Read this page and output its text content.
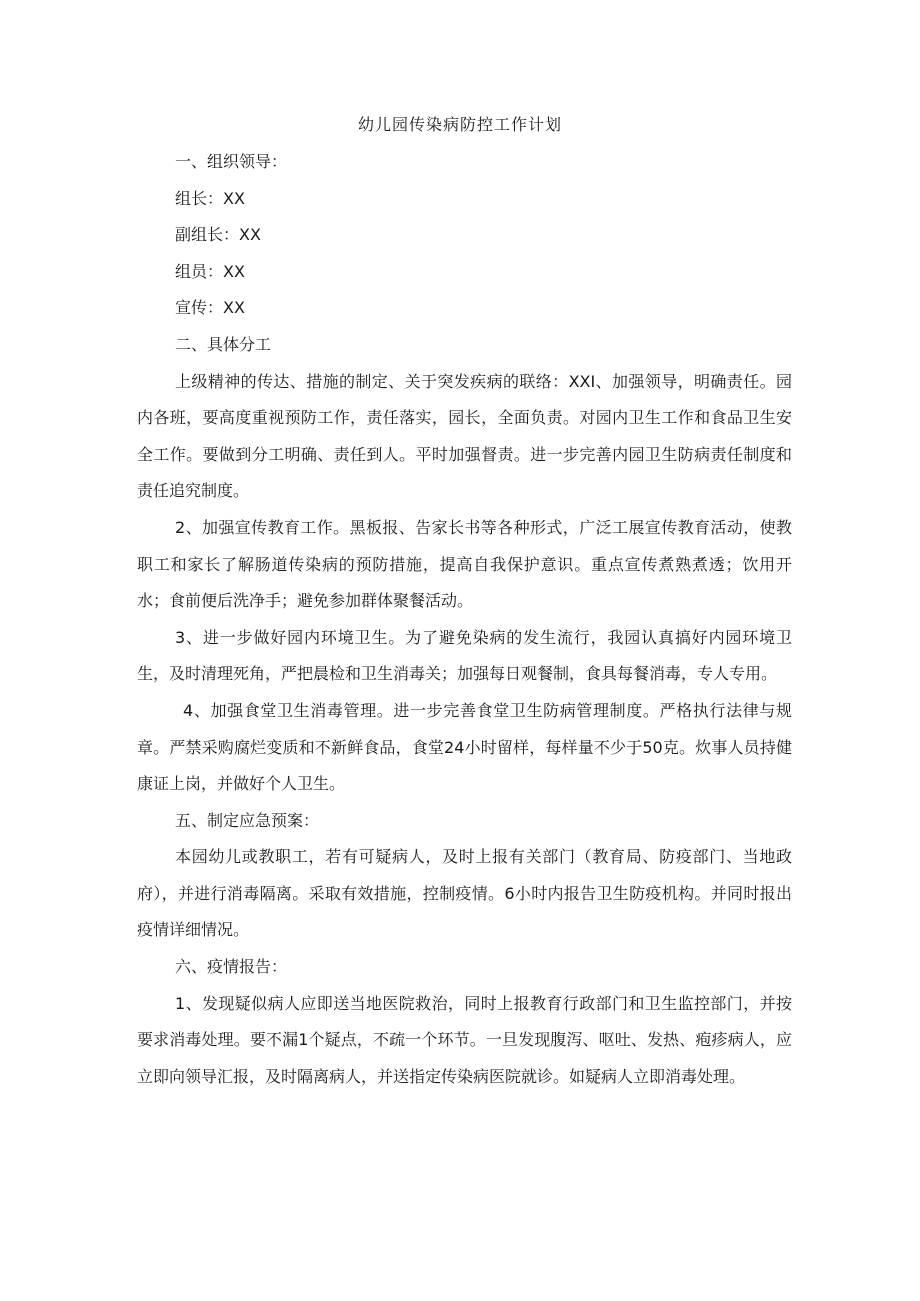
幼儿园传染病防控工作计划

一、组织领导：

组长：XX

副组长：XX

组员：XX

宣传：XX

二、具体分工

上级精神的传达、措施的制定、关于突发疾病的联络：XXI、加强领导，明确责任。园内各班，要高度重视预防工作，责任落实，园长，全面负责。对园内卫生工作和食品卫生安全工作。要做到分工明确、责任到人。平时加强督责。进一步完善内园卫生防病责任制度和责任追究制度。

2、加强宣传教育工作。黑板报、告家长书等各种形式，广泛工展宣传教育活动，使教职工和家长了解肠道传染病的预防措施，提高自我保护意识。重点宣传煮熟煮透；饮用开水；食前便后洗净手；避免参加群体聚餐活动。

3、进一步做好园内环境卫生。为了避免染病的发生流行，我园认真搞好内园环境卫生，及时清理死角，严把晨检和卫生消毒关；加强每日观餐制，食具每餐消毒，专人专用。

4、加强食堂卫生消毒管理。进一步完善食堂卫生防病管理制度。严格执行法律与规章。严禁采购腐烂变质和不新鲜食品，食堂24小时留样，每样量不少于50克。炊事人员持健康证上岗，并做好个人卫生。

五、制定应急预案：

本园幼儿或教职工，若有可疑病人，及时上报有关部门（教育局、防疫部门、当地政府），并进行消毒隔离。采取有效措施，控制疫情。6小时内报告卫生防疫机构。并同时报出疫情详细情况。

六、疫情报告：

1、发现疑似病人应即送当地医院救治，同时上报教育行政部门和卫生监控部门，并按要求消毒处理。要不漏1个疑点，不疏一个环节。一旦发现腹泻、呕吐、发热、疱疹病人，应立即向领导汇报，及时隔离病人，并送指定传染病医院就诊。如疑病人立即消毒处理。
